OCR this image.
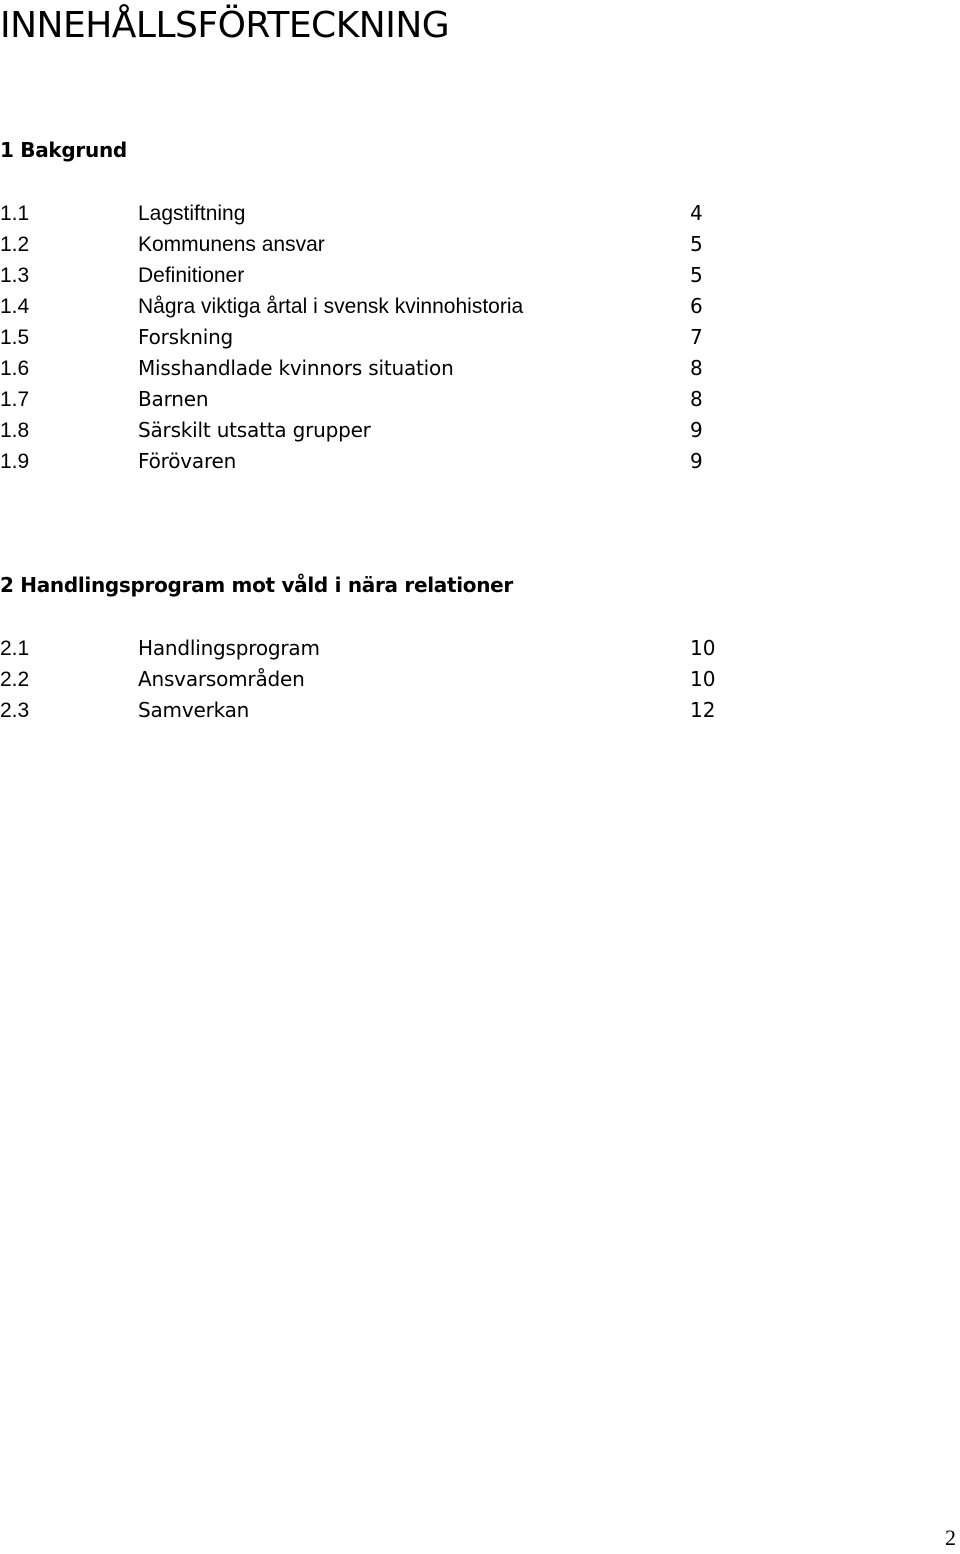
INNEHÅLLSFÖRTECKNING
1 Bakgrund
1.1	Lagstiftning	4
1.2	Kommunens ansvar	5
1.3	Definitioner	5
1.4	Några viktiga årtal i svensk kvinnohistoria	6
1.5	Forskning	7
1.6	Misshandlade kvinnors situation	8
1.7	Barnen	8
1.8	Särskilt utsatta grupper	9
1.9	Förövaren	9
2 Handlingsprogram mot våld i nära relationer
2.1	Handlingsprogram	10
2.2	Ansvarsområden	10
2.3	Samverkan	12
2
